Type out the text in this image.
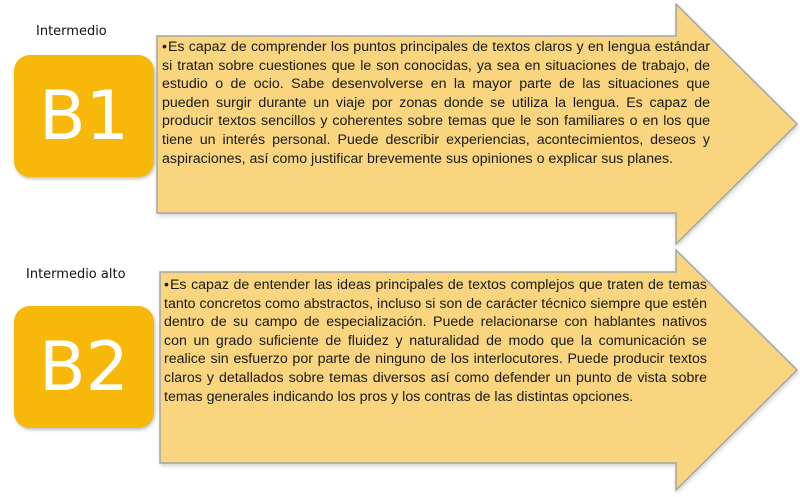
Intermedio
B1

•Es capaz de comprender los puntos principales de textos claros y en lengua estándar si tratan sobre cuestiones que le son conocidas, ya sea en situaciones de trabajo, de estudio o de ocio. Sabe desenvolverse en la mayor parte de las situaciones que pueden surgir durante un viaje por zonas donde se utiliza la lengua. Es capaz de producir textos sencillos y coherentes sobre temas que le son familiares o en los que tiene un interés personal. Puede describir experiencias, acontecimientos, deseos y aspiraciones, así como justificar brevemente sus opiniones o explicar sus planes.

Intermedio alto
B2

•Es capaz de entender las ideas principales de textos complejos que traten de temas tanto concretos como abstractos, incluso si son de carácter técnico siempre que estén dentro de su campo de especialización. Puede relacionarse con hablantes nativos con un grado suficiente de fluidez y naturalidad de modo que la comunicación se realice sin esfuerzo por parte de ninguno de los interlocutores. Puede producir textos claros y detallados sobre temas diversos así como defender un punto de vista sobre temas generales indicando los pros y los contras de las distintas opciones.
